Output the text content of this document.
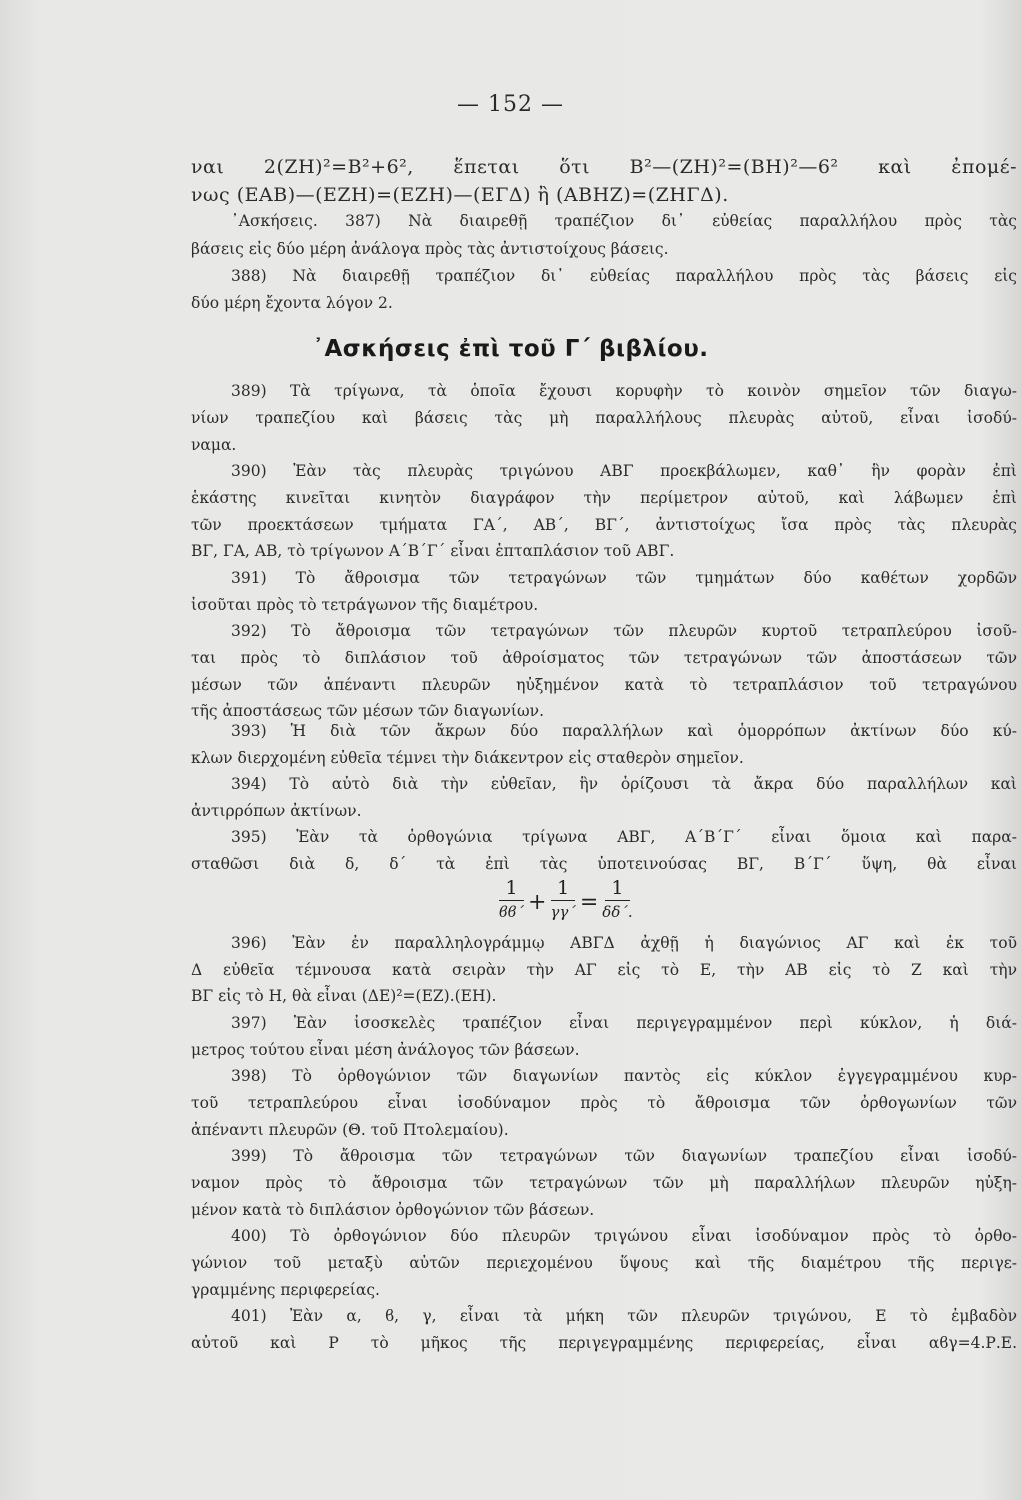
— 152 —
ναι 2(ΖΗ)²=Β²+6², ἕπεται ὅτι Β²—(ΖΗ)²=(ΒΗ)²—6² καὶ ἐπομέ-
νως (ΕΑΒ)—(ΕΖΗ)=(ΕΖΗ)—(ΕΓΔ) ἢ (ΑΒΗΖ)=(ΖΗΓΔ).
᾿Ασκήσεις. 387) Νὰ διαιρεθῇ τραπέζιον δι᾿ εὐθείας παραλλήλου πρὸς τὰς
βάσεις εἰς δύο μέρη ἀνάλογα πρὸς τὰς ἀντιστοίχους βάσεις.
388) Νὰ διαιρεθῇ τραπέζιον δι᾿ εὐθείας παραλλήλου πρὸς τὰς βάσεις εἰς
δύο μέρη ἔχοντα λόγον 2.
᾿Ασκήσεις ἐπὶ τοῦ Γ΄ βιβλίου.
389) Τὰ τρίγωνα, τὰ ὁποῖα ἔχουσι κορυφὴν τὸ κοινὸν σημεῖον τῶν διαγω-
νίων τραπεζίου καὶ βάσεις τὰς μὴ παραλλήλους πλευρὰς αὐτοῦ, εἶναι ἰσοδύ-
ναμα.
390) Ἐὰν τὰς πλευρὰς τριγώνου ΑΒΓ προεκβάλωμεν, καθ᾿ ἣν φορὰν ἐπὶ
ἑκάστης κινεῖται κινητὸν διαγράφον τὴν περίμετρον αὐτοῦ, καὶ λάβωμεν ἐπὶ
τῶν προεκτάσεων τμήματα ΓΑ΄, ΑΒ΄, ΒΓ΄, ἀντιστοίχως ἴσα πρὸς τὰς πλευρὰς
ΒΓ, ΓΑ, ΑΒ, τὸ τρίγωνον Α΄Β΄Γ΄ εἶναι ἑπταπλάσιον τοῦ ΑΒΓ.
391) Τὸ ἄθροισμα τῶν τετραγώνων τῶν τμημάτων δύο καθέτων χορδῶν
ἰσοῦται πρὸς τὸ τετράγωνον τῆς διαμέτρου.
392) Τὸ ἄθροισμα τῶν τετραγώνων τῶν πλευρῶν κυρτοῦ τετραπλεύρου ἰσοῦ-
ται πρὸς τὸ διπλάσιον τοῦ ἀθροίσματος τῶν τετραγώνων τῶν ἀποστάσεων τῶν
μέσων τῶν ἀπέναντι πλευρῶν ηὐξημένον κατὰ τὸ τετραπλάσιον τοῦ τετραγώνου
τῆς ἀποστάσεως τῶν μέσων τῶν διαγωνίων.
393) Ἡ διὰ τῶν ἄκρων δύο παραλλήλων καὶ ὁμορρόπων ἀκτίνων δύο κύ-
κλων διερχομένη εὐθεῖα τέμνει τὴν διάκεντρον εἰς σταθερὸν σημεῖον.
394) Τὸ αὐτὸ διὰ τὴν εὐθεῖαν, ἣν ὁρίζουσι τὰ ἄκρα δύο παραλλήλων καὶ
ἀντιρρόπων ἀκτίνων.
395) Ἐὰν τὰ ὀρθογώνια τρίγωνα ΑΒΓ, Α΄Β΄Γ΄ εἶναι ὅμοια καὶ παρα-
σταθῶσι διὰ δ, δ΄ τὰ ἐπὶ τὰς ὑποτεινούσας ΒΓ, Β΄Γ΄ ὕψη, θὰ εἶναι
$\frac{1}{ϐϐ΄} + \frac{1}{\gamma\gamma΄} = \frac{1}{\delta\delta΄.}$
396) Ἐὰν ἐν παραλληλογράμμῳ ΑΒΓΔ ἀχθῇ ἡ διαγώνιος ΑΓ καὶ ἐκ τοῦ
Δ εὐθεῖα τέμνουσα κατὰ σειρὰν τὴν ΑΓ εἰς τὸ Ε, τὴν ΑΒ εἰς τὸ Ζ καὶ τὴν
ΒΓ εἰς τὸ Η, θὰ εἶναι (ΔΕ)²=(ΕΖ).(ΕΗ).
397) Ἐὰν ἰσοσκελὲς τραπέζιον εἶναι περιγεγραμμένον περὶ κύκλον, ἡ διά-
μετρος τούτου εἶναι μέση ἀνάλογος τῶν βάσεων.
398) Τὸ ὀρθογώνιον τῶν διαγωνίων παντὸς εἰς κύκλον ἐγγεγραμμένου κυρ-
τοῦ τετραπλεύρου εἶναι ἰσοδύναμον πρὸς τὸ ἄθροισμα τῶν ὀρθογωνίων τῶν
ἀπέναντι πλευρῶν (Θ. τοῦ Πτολεμαίου).
399) Τὸ ἄθροισμα τῶν τετραγώνων τῶν διαγωνίων τραπεζίου εἶναι ἰσοδύ-
ναμον πρὸς τὸ ἄθροισμα τῶν τετραγώνων τῶν μὴ παραλλήλων πλευρῶν ηὐξη-
μένον κατὰ τὸ διπλάσιον ὀρθογώνιον τῶν βάσεων.
400) Τὸ ὀρθογώνιον δύο πλευρῶν τριγώνου εἶναι ἰσοδύναμον πρὸς τὸ ὀρθο-
γώνιον τοῦ μεταξὺ αὐτῶν περιεχομένου ὕψους καὶ τῆς διαμέτρου τῆς περιγε-
γραμμένης περιφερείας.
401) Ἐὰν α, ϐ, γ, εἶναι τὰ μήκη τῶν πλευρῶν τριγώνου, Ε τὸ ἐμβαδὸν
αὐτοῦ καὶ Ρ τὸ μῆκος τῆς περιγεγραμμένης περιφερείας, εἶναι αϐγ=4.Ρ.Ε.
